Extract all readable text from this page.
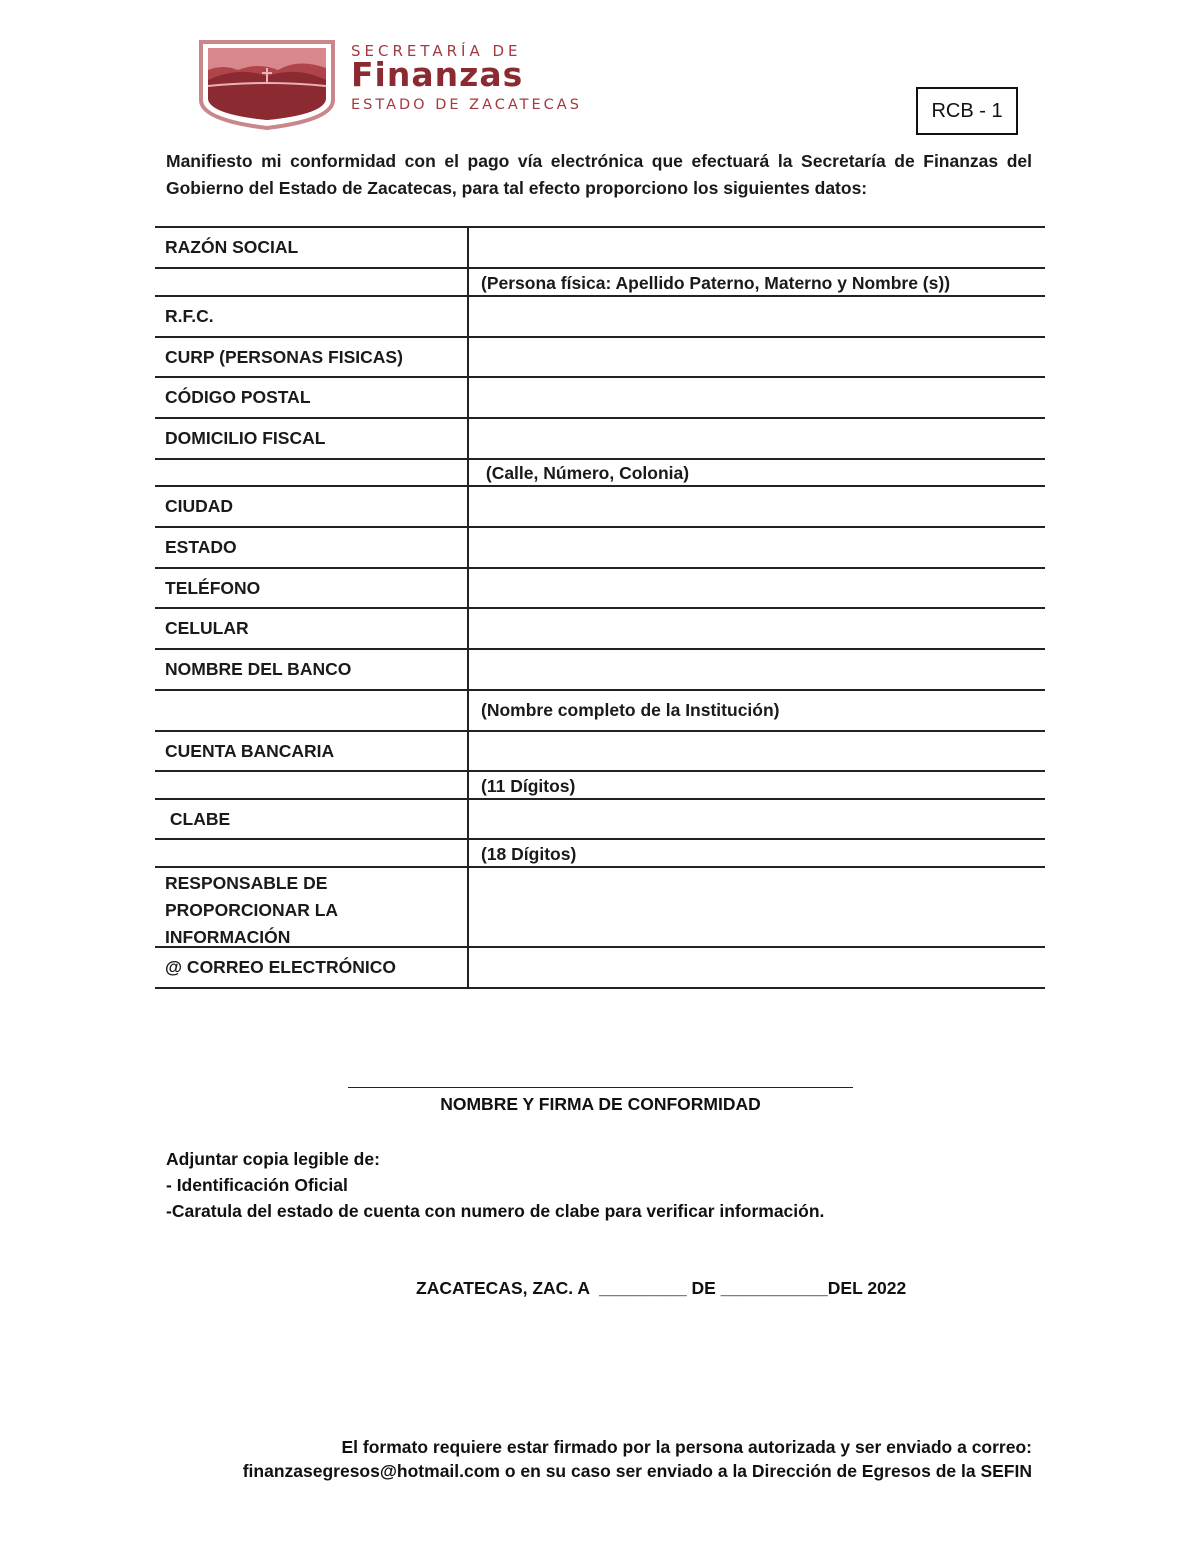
SECRETARÍA DE
Finanzas
ESTADO DE ZACATECAS	RCB - 1
Manifiesto mi conformidad con el pago vía electrónica que efectuará la Secretaría de Finanzas del Gobierno del Estado de Zacatecas, para tal efecto proporciono los siguientes datos:
RAZÓN SOCIAL
(Persona física: Apellido Paterno, Materno y Nombre (s))
R.F.C.
CURP (PERSONAS FISICAS)
CÓDIGO POSTAL
DOMICILIO FISCAL
(Calle, Número, Colonia)
CIUDAD
ESTADO
TELÉFONO
CELULAR
NOMBRE DEL BANCO
(Nombre completo de la Institución)
CUENTA BANCARIA
(11 Dígitos)
CLABE
(18 Dígitos)
RESPONSABLE DE PROPORCIONAR LA INFORMACIÓN
@ CORREO ELECTRÓNICO
NOMBRE Y FIRMA DE CONFORMIDAD
Adjuntar copia legible de:
- Identificación Oficial
-Caratula del estado de cuenta con numero de clabe para verificar información.
ZACATECAS, ZAC. A  _________ DE ___________DEL 2022
El formato requiere estar firmado por la persona autorizada y ser enviado a correo:
finanzasegresos@hotmail.com o en su caso ser enviado a la Dirección de Egresos de la SEFIN
